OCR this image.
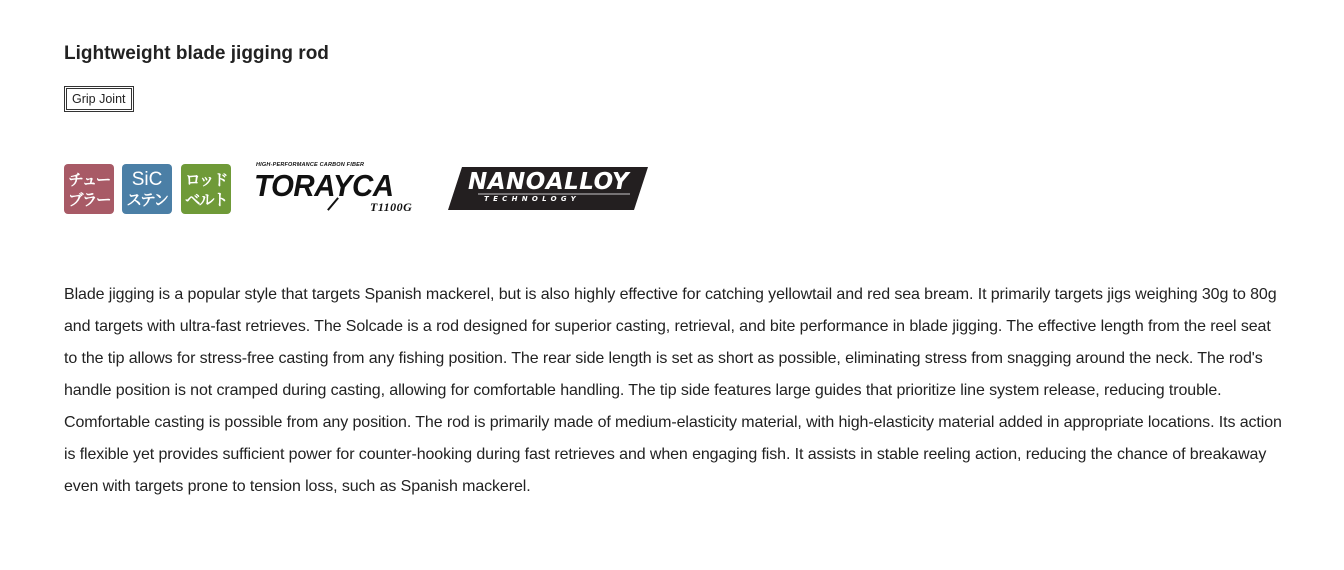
Lightweight blade jigging rod
Grip Joint
チュー
ブラー
SiC
ステン
ロッド
ベルト
HIGH-PERFORMANCE CARBON FIBER
TORAYCA
T1100G
NANOALLOY
TECHNOLOGY

Blade jigging is a popular style that targets Spanish mackerel, but is also highly effective for catching yellowtail and red sea bream. It primarily targets jigs weighing 30g to 80g and targets with ultra-fast retrieves. The Solcade is a rod designed for superior casting, retrieval, and bite performance in blade jigging. The effective length from the reel seat to the tip allows for stress-free casting from any fishing position. The rear side length is set as short as possible, eliminating stress from snagging around the neck. The rod's handle position is not cramped during casting, allowing for comfortable handling. The tip side features large guides that prioritize line system release, reducing trouble. Comfortable casting is possible from any position. The rod is primarily made of medium-elasticity material, with high-elasticity material added in appropriate locations. Its action is flexible yet provides sufficient power for counter-hooking during fast retrieves and when engaging fish. It assists in stable reeling action, reducing the chance of breakaway even with targets prone to tension loss, such as Spanish mackerel.
